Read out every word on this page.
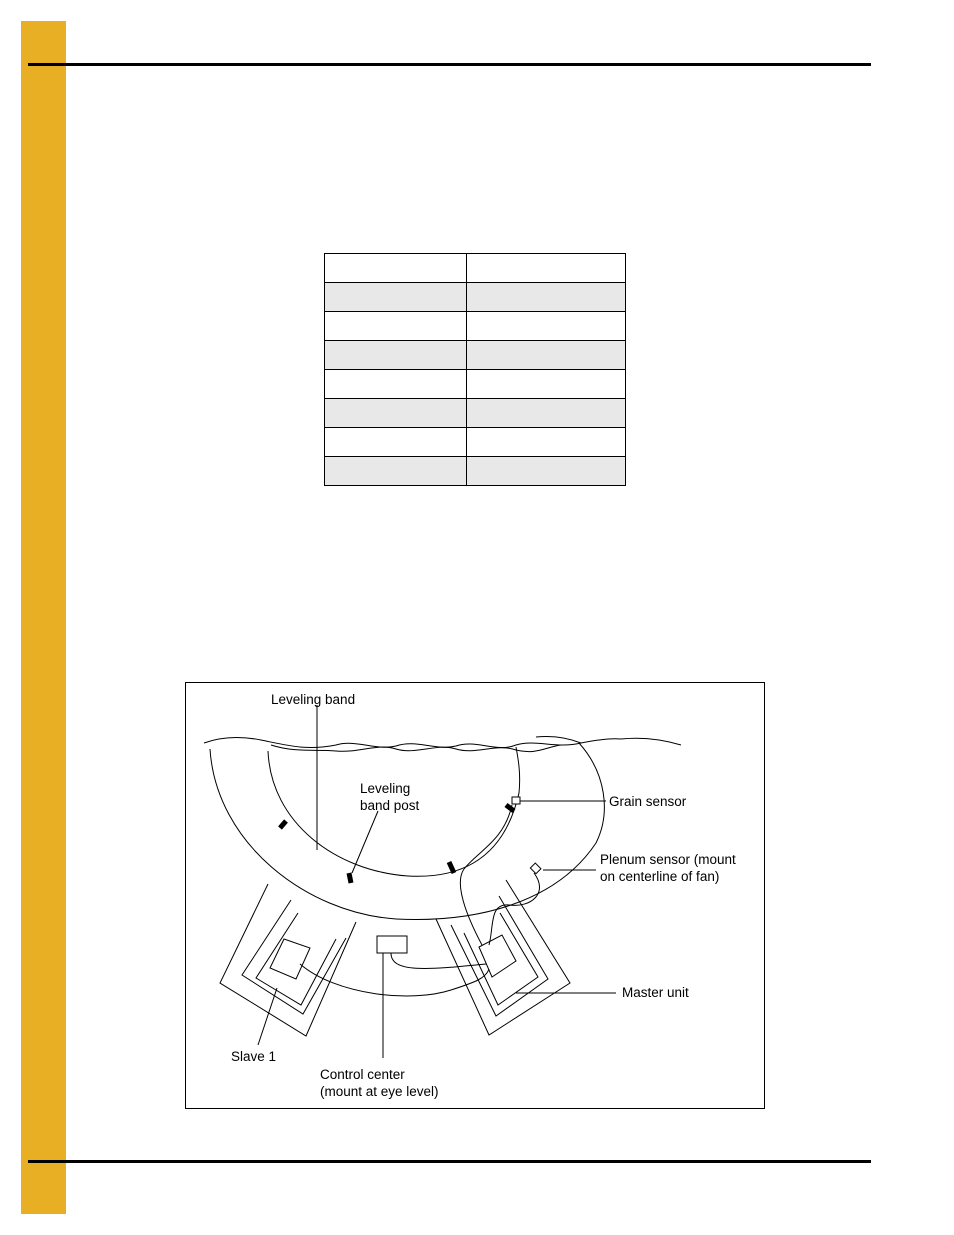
Leveling band
Leveling
band post	Grain sensor
Plenum sensor (mount
on centerline of fan)
Master unit
Slave 1
Control center
(mount at eye level)
